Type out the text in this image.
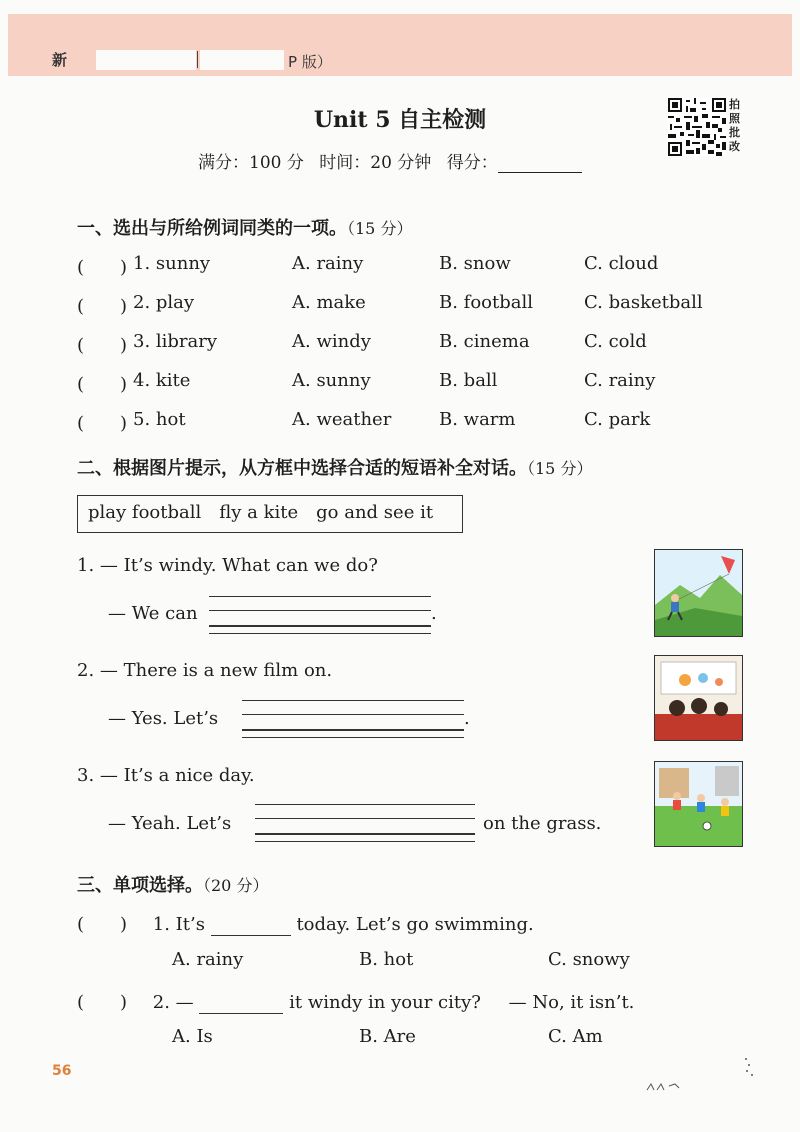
新	P 版）
Unit 5 自主检测
满分：100 分 时间：20 分钟 得分：
拍照批改
一、选出与所给例词同类的一项。（15 分）
(　　) 1. sunny	A. rainy	B. snow	C. cloud
(　　) 2. play	A. make	B. football	C. basketball
(　　) 3. library	A. windy	B. cinema	C. cold
(　　) 4. kite	A. sunny	B. ball	C. rainy
(　　) 5. hot	A. weather	B. warm	C. park
二、根据图片提示，从方框中选择合适的短语补全对话。（15 分）
play football fly a kite go and see it
1. — It’s windy. What can we do?
— We can	.
2. — There is a new film on.
— Yes. Let’s	.
3. — It’s a nice day.
— Yeah. Let’s	on the grass.
三、单项选择。（20 分）
(　　) 1. It’s	today. Let’s go swimming.
A. rainy	B. hot	C. snowy
(　　) 2. —	it windy in your city? — No, it isn’t.
A. Is	B. Are	C. Am
56
